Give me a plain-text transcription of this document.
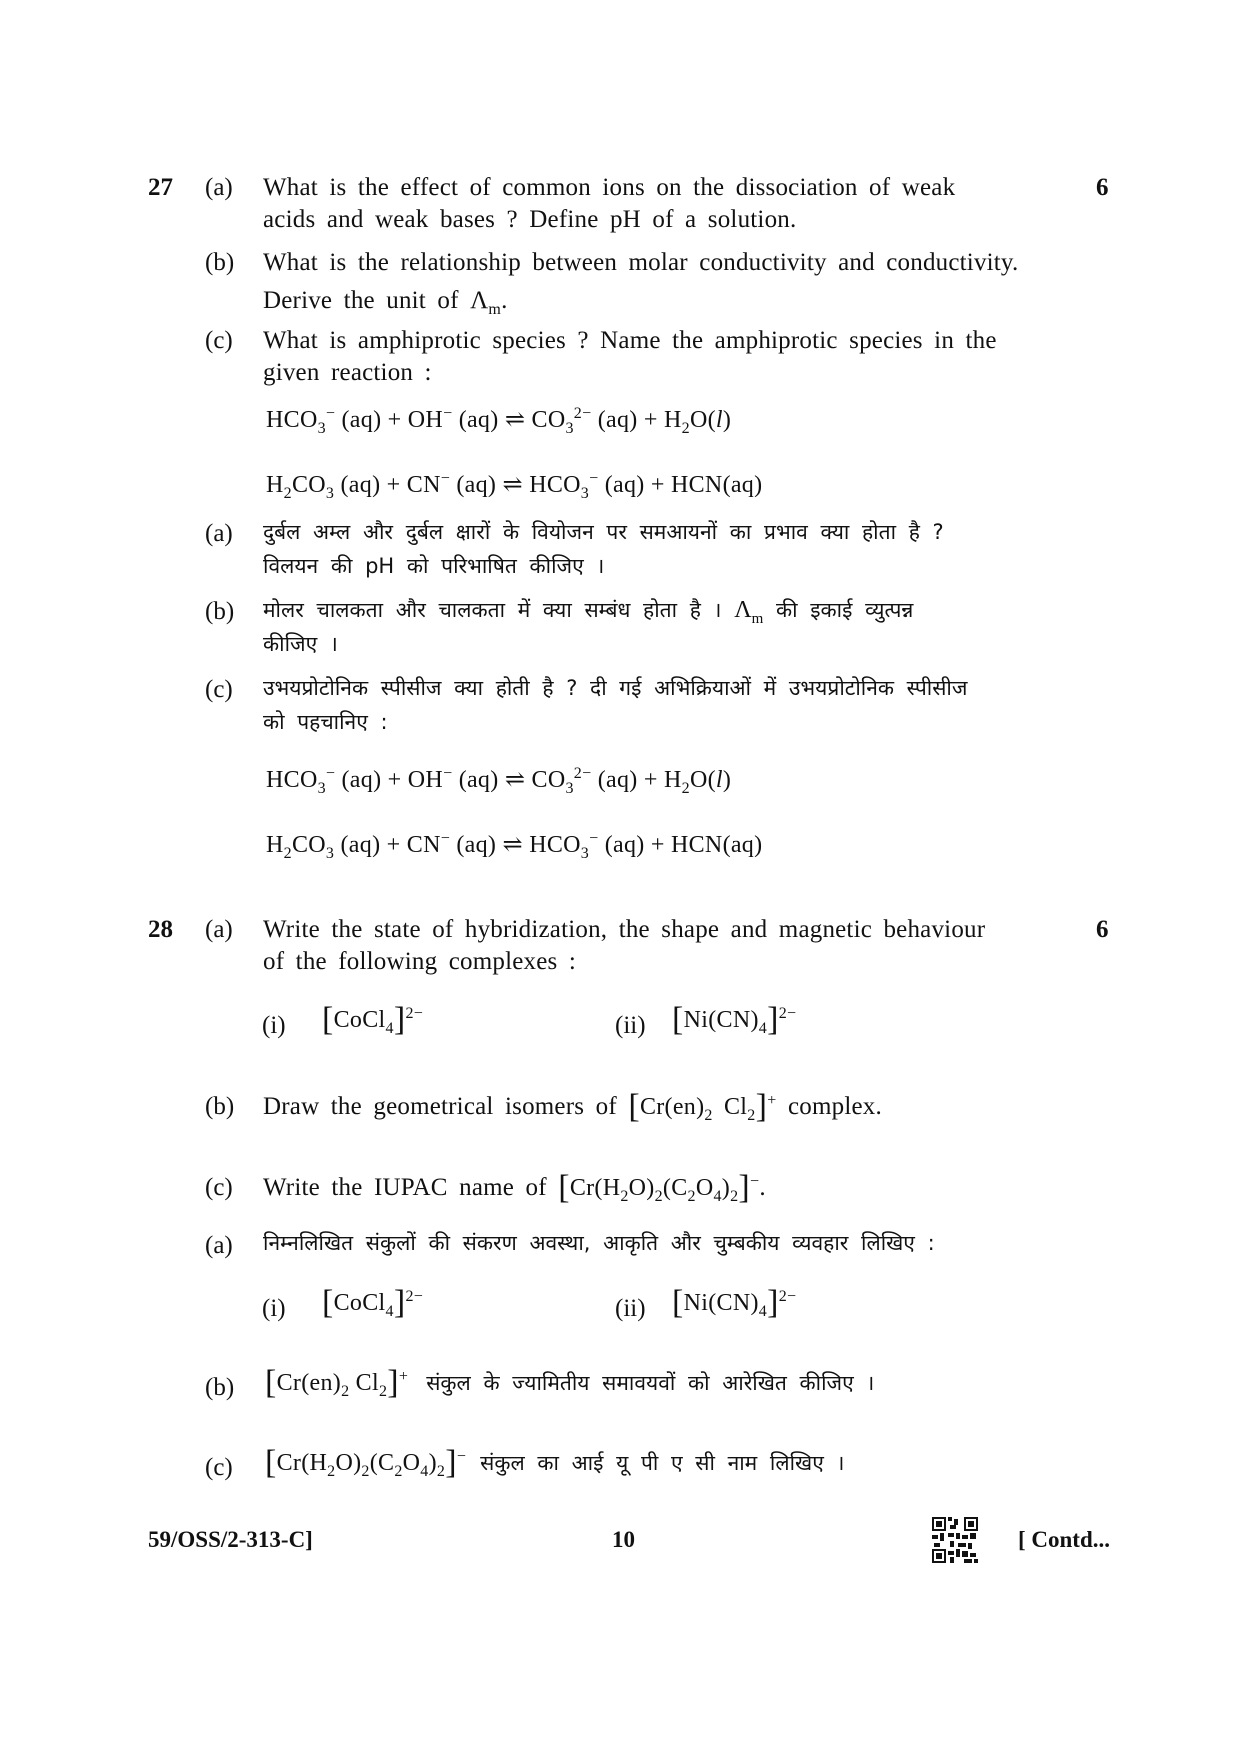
27	6
(a) What is the effect of common ions on the dissociation of weak
acids and weak bases ? Define pH of a solution.
(b) What is the relationship between molar conductivity and conductivity.
Derive the unit of $\Lambda_m$.
(c) What is amphiprotic species ? Name the amphiprotic species in the
given reaction :
$HCO_3^-$ (aq) + OH− (aq) ⇌ $CO_3^{2-}$ $(aq) + H_2O(l)$
$H_2CO_3$ (aq) + CN− (aq) ⇌ $HCO_3^-$ (aq) + HCN(aq)
(a) दुर्बल अम्ल और दुर्बल क्षारों के वियोजन पर समआयनों का प्रभाव क्या होता है ?
विलयन की pH को परिभाषित कीजिए ।
(b) मोलर चालकता और चालकता में क्या सम्बंध होता है । $\Lambda_m$ की इकाई व्युत्पन्न
कीजिए ।
(c) उभयप्रोटोनिक स्पीसीज क्या होती है ? दी गई अभिक्रियाओं में उभयप्रोटोनिक स्पीसीज
को पहचानिए :
$HCO_3^-$ (aq) + OH− (aq) ⇌ $CO_3^{2-}$ $(aq) + H_2O(l)$
$H_2CO_3$ (aq) + CN− (aq) ⇌ $HCO_3^-$ (aq) + HCN(aq)
28	6
(a) Write the state of hybridization, the shape and magnetic behaviour
of the following complexes :
(i) [CoCl$_4$]$^{2-}$	(ii) $[Ni(CN)_4]^{2-}$
(b) Draw the geometrical isomers of [$Cr(en)_2$ $Cl_2]^+$ complex.
(c) Write the IUPAC name of $[Cr(H_2O)_2(C_2O_4)_2]^-$.
(a) निम्नलिखित संकुलों की संकरण अवस्था, आकृति और चुम्बकीय व्यवहार लिखिए :
(i) [CoCl$_4$]$^{2-}$	(ii) $[Ni(CN)_4]^{2-}$
(b) [$Cr(en)_2$ $Cl_2]^+$ संकुल के ज्यामितीय समावयवों को आरेखित कीजिए ।
(c) $[Cr(H_2O)_2(C_2O_4)_2]^-$ संकुल का आई यू पी ए सी नाम लिखिए ।
59/OSS/2-313-C]	10	[ Contd...
